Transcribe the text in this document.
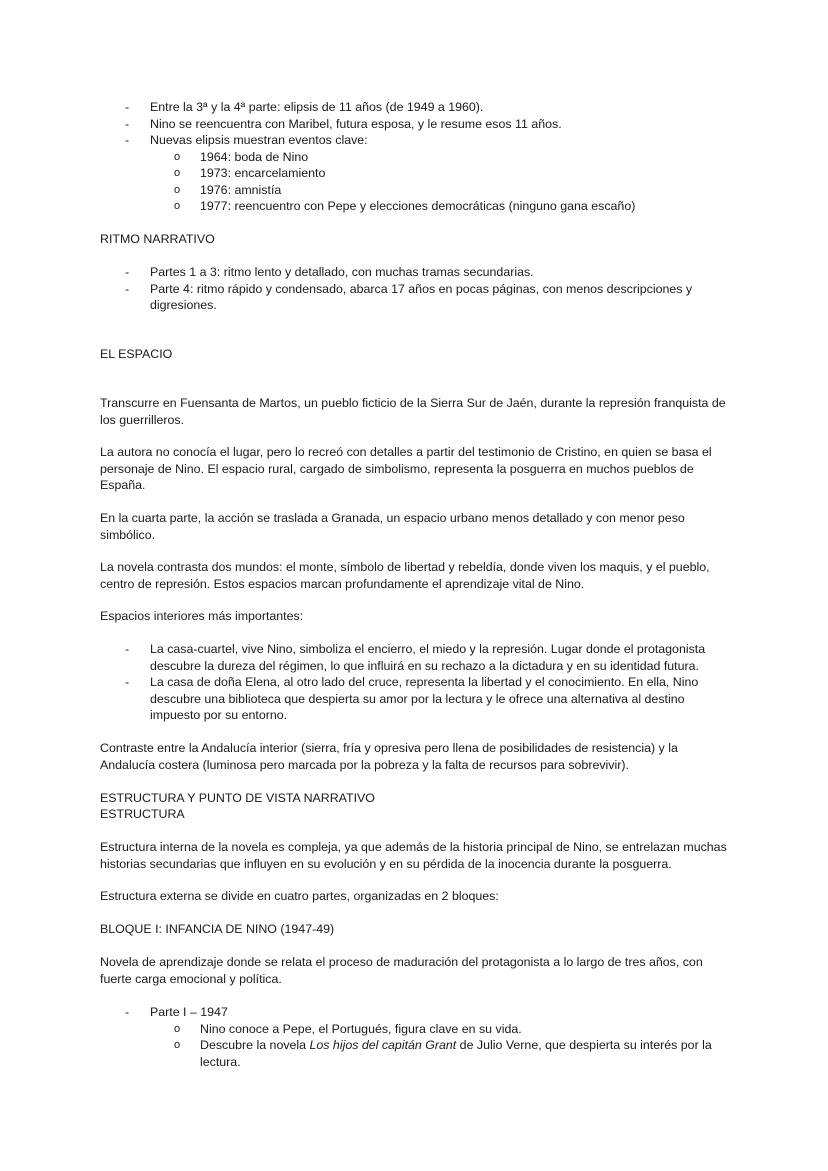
- Entre la 3ª y la 4ª parte: elipsis de 11 años (de 1949 a 1960).
- Nino se reencuentra con Maribel, futura esposa, y le resume esos 11 años.
- Nuevas elipsis muestran eventos clave:
o 1964: boda de Nino
o 1973: encarcelamiento
o 1976: amnistía
o 1977: reencuentro con Pepe y elecciones democráticas (ninguno gana escaño)

RITMO NARRATIVO

- Partes 1 a 3: ritmo lento y detallado, con muchas tramas secundarias.
- Parte 4: ritmo rápido y condensado, abarca 17 años en pocas páginas, con menos descripciones y digresiones.

EL ESPACIO

Transcurre en Fuensanta de Martos, un pueblo ficticio de la Sierra Sur de Jaén, durante la represión franquista de los guerrilleros.

La autora no conocía el lugar, pero lo recreó con detalles a partir del testimonio de Cristino, en quien se basa el personaje de Nino. El espacio rural, cargado de simbolismo, representa la posguerra en muchos pueblos de España.

En la cuarta parte, la acción se traslada a Granada, un espacio urbano menos detallado y con menor peso simbólico.

La novela contrasta dos mundos: el monte, símbolo de libertad y rebeldía, donde viven los maquis, y el pueblo, centro de represión. Estos espacios marcan profundamente el aprendizaje vital de Nino.

Espacios interiores más importantes:

- La casa-cuartel, vive Nino, simboliza el encierro, el miedo y la represión. Lugar donde el protagonista descubre la dureza del régimen, lo que influirá en su rechazo a la dictadura y en su identidad futura.
- La casa de doña Elena, al otro lado del cruce, representa la libertad y el conocimiento. En ella, Nino descubre una biblioteca que despierta su amor por la lectura y le ofrece una alternativa al destino impuesto por su entorno.

Contraste entre la Andalucía interior (sierra, fría y opresiva pero llena de posibilidades de resistencia) y la Andalucía costera (luminosa pero marcada por la pobreza y la falta de recursos para sobrevivir).

ESTRUCTURA Y PUNTO DE VISTA NARRATIVO

ESTRUCTURA

Estructura interna de la novela es compleja, ya que además de la historia principal de Nino, se entrelazan muchas historias secundarias que influyen en su evolución y en su pérdida de la inocencia durante la posguerra.

Estructura externa se divide en cuatro partes, organizadas en 2 bloques:

BLOQUE I: INFANCIA DE NINO (1947-49)

Novela de aprendizaje donde se relata el proceso de maduración del protagonista a lo largo de tres años, con fuerte carga emocional y política.

- Parte I – 1947
o Nino conoce a Pepe, el Portugués, figura clave en su vida.
o Descubre la novela Los hijos del capitán Grant de Julio Verne, que despierta su interés por la lectura.
